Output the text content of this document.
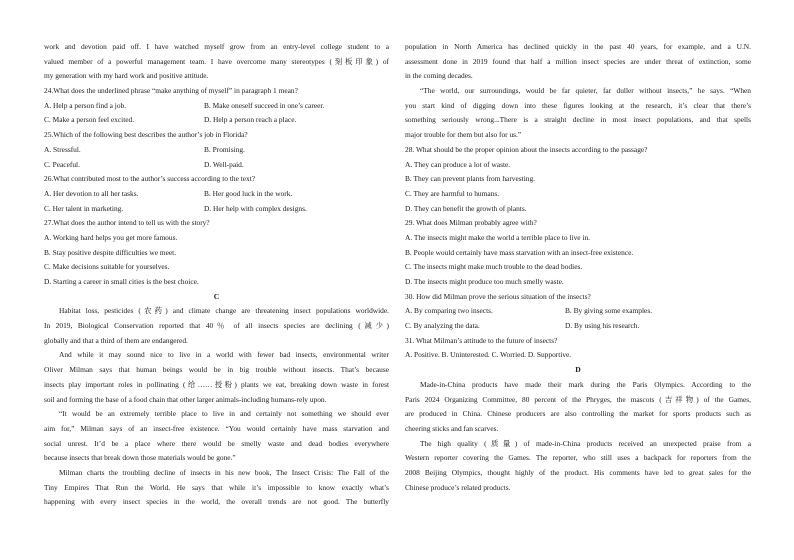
work and devotion paid off. I have watched myself grow from an entry-level college student to a
valued member of a powerful management team. I have overcome many stereotypes (刻板印象) of
my generation with my hard work and positive attitude.
24.What does the underlined phrase “make anything of myself” in paragraph 1 mean?
A. Help a person find a job.	B. Make oneself succeed in one’s career.
C. Make a person feel excited.	D. Help a person reach a place.
25.Which of the following best describes the author’s job in Florida?
A. Stressful.	B. Promising.
C. Peaceful.	D. Well-paid.
26.What contributed most to the author’s success according to the text?
A. Her devotion to all her tasks.	B. Her good luck in the work.
C. Her talent in marketing.	D. Her help with complex designs.
27.What does the author intend to tell us with the story?
A. Working hard helps you get more famous.
B. Stay positive despite difficulties we meet.
C. Make decisions suitable for yourselves.
D. Starting a career in small cities is the best choice.
C
Habitat loss, pesticides (农药) and climate change are threatening insect populations worldwide.
In 2019, Biological Conservation reported that 40％ of all insects species are declining (减少)
globally and that a third of them are endangered.
And while it may sound nice to live in a world with fewer bad insects, environmental writer
Oliver Milman says that human beings would be in big trouble without insects. That’s because
insects play important roles in pollinating (给……授粉) plants we eat, breaking down waste in forest
soil and forming the base of a food chain that other larger animals-including humans-rely upon.
“It would be an extremely terrible place to live in and certainly not something we should ever
aim for,” Milman says of an insect-free existence. “You would certainly have mass starvation and
social unrest. It’d be a place where there would be smelly waste and dead bodies everywhere
because insects that break down those materials would be gone.”
Milman charts the troubling decline of insects in his new book, The Insect Crisis: The Fall of the
Tiny Empires That Run the World. He says that while it’s impossible to know exactly what’s
happening with every insect species in the world, the overall trends are not good. The butterfly
population in North America has declined quickly in the past 40 years, for example, and a U.N.
assessment done in 2019 found that half a million insect species are under threat of extinction, some
in the coming decades.
“The world, our surroundings, would be far quieter, far duller without insects,” he says. “When
you start kind of digging down into these figures looking at the research, it’s clear that there’s
something seriously wrong...There is a straight decline in most insect populations, and that spells
major trouble for them but also for us.”
28. What should be the proper opinion about the insects according to the passage?
A. They can produce a lot of waste.
B. They can prevent plants from harvesting.
C. They are harmful to humans.
D. They can benefit the growth of plants.
29. What does Milman probably agree with?
A. The insects might make the world a terrible place to live in.
B. People would certainly have mass starvation with an insect-free existence.
C. The insects might make much trouble to the dead bodies.
D. The insects might produce too much smelly waste.
30. How did Milman prove the serious situation of the insects?
A. By comparing two insects.	B. By giving some examples.
C. By analyzing the data.	D. By using his research.
31. What Milman’s attitude to the future of insects?
A. Positive. B. Uninterested. C. Worried. D. Supportive.
D
Made-in-China products have made their mark during the Paris Olympics. According to the
Paris 2024 Organizing Committee, 80 percent of the Phryges, the mascots (吉祥物) of the Games,
are produced in China. Chinese producers are also controlling the market for sports products such as
cheering sticks and fan scarves.
The high quality (质量) of made-in-China products received an unexpected praise from a
Western reporter covering the Games. The reporter, who still uses a backpack for reporters from the
2008 Beijing Olympics, thought highly of the product. His comments have led to great sales for the
Chinese produce’s related products.
